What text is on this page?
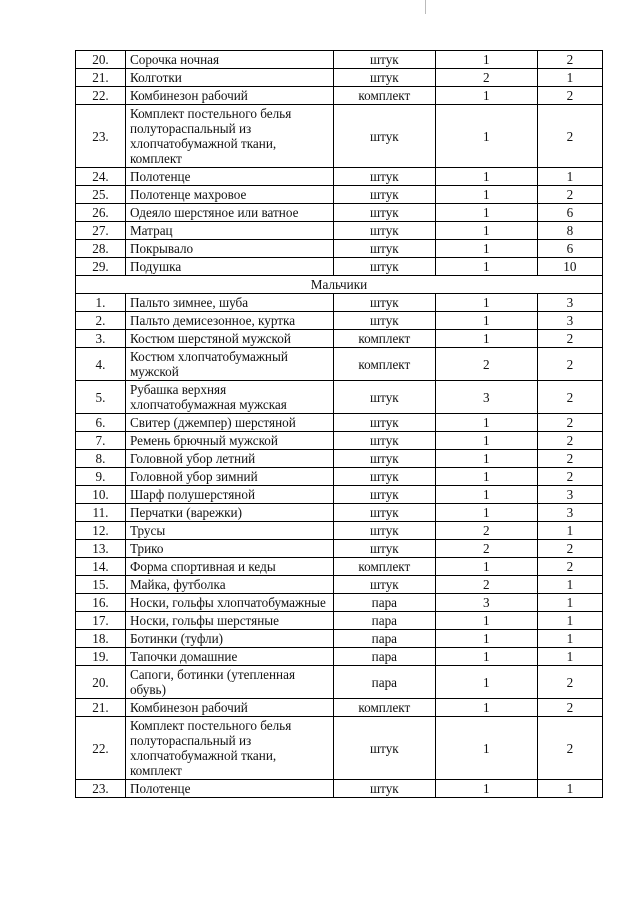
20.	Сорочка ночная	штук	1	2
21.	Колготки	штук	2	1
22.	Комбинезон рабочий	комплект	1	2
23.	Комплект постельного белья полуторaспальный из хлопчатобумажной ткани, комплект	штук	1	2
24.	Полотенце	штук	1	1
25.	Полотенце махровое	штук	1	2
26.	Одеяло шерстяное или ватное	штук	1	6
27.	Матрац	штук	1	8
28.	Покрывало	штук	1	6
29.	Подушка	штук	1	10
Мальчики				
1.	Пальто зимнее, шуба	штук	1	3
2.	Пальто демисезонное, куртка	штук	1	3
3.	Костюм шерстяной мужской	комплект	1	2
4.	Костюм хлопчатобумажный мужской	комплект	2	2
5.	Рубашка верхняя хлопчатобумажная мужская	штук	3	2
6.	Свитер (джемпер) шерстяной	штук	1	2
7.	Ремень брючный мужской	штук	1	2
8.	Головной убор летний	штук	1	2
9.	Головной убор зимний	штук	1	2
10.	Шарф полушерстяной	штук	1	3
11.	Перчатки (варежки)	штук	1	3
12.	Трусы	штук	2	1
13.	Трико	штук	2	2
14.	Форма спортивная и кеды	комплект	1	2
15.	Майка, футболка	штук	2	1
16.	Носки, гольфы хлопчатобумажные	пара	3	1
17.	Носки, гольфы шерстяные	пара	1	1
18.	Ботинки (туфли)	пара	1	1
19.	Тапочки домашние	пара	1	1
20.	Сапоги, ботинки (утепленная обувь)	пара	1	2
21.	Комбинезон рабочий	комплект	1	2
22.	Комплект постельного белья полуторaспальный из хлопчатобумажной ткани, комплект	штук	1	2
23.	Полотенце	штук	1	1
